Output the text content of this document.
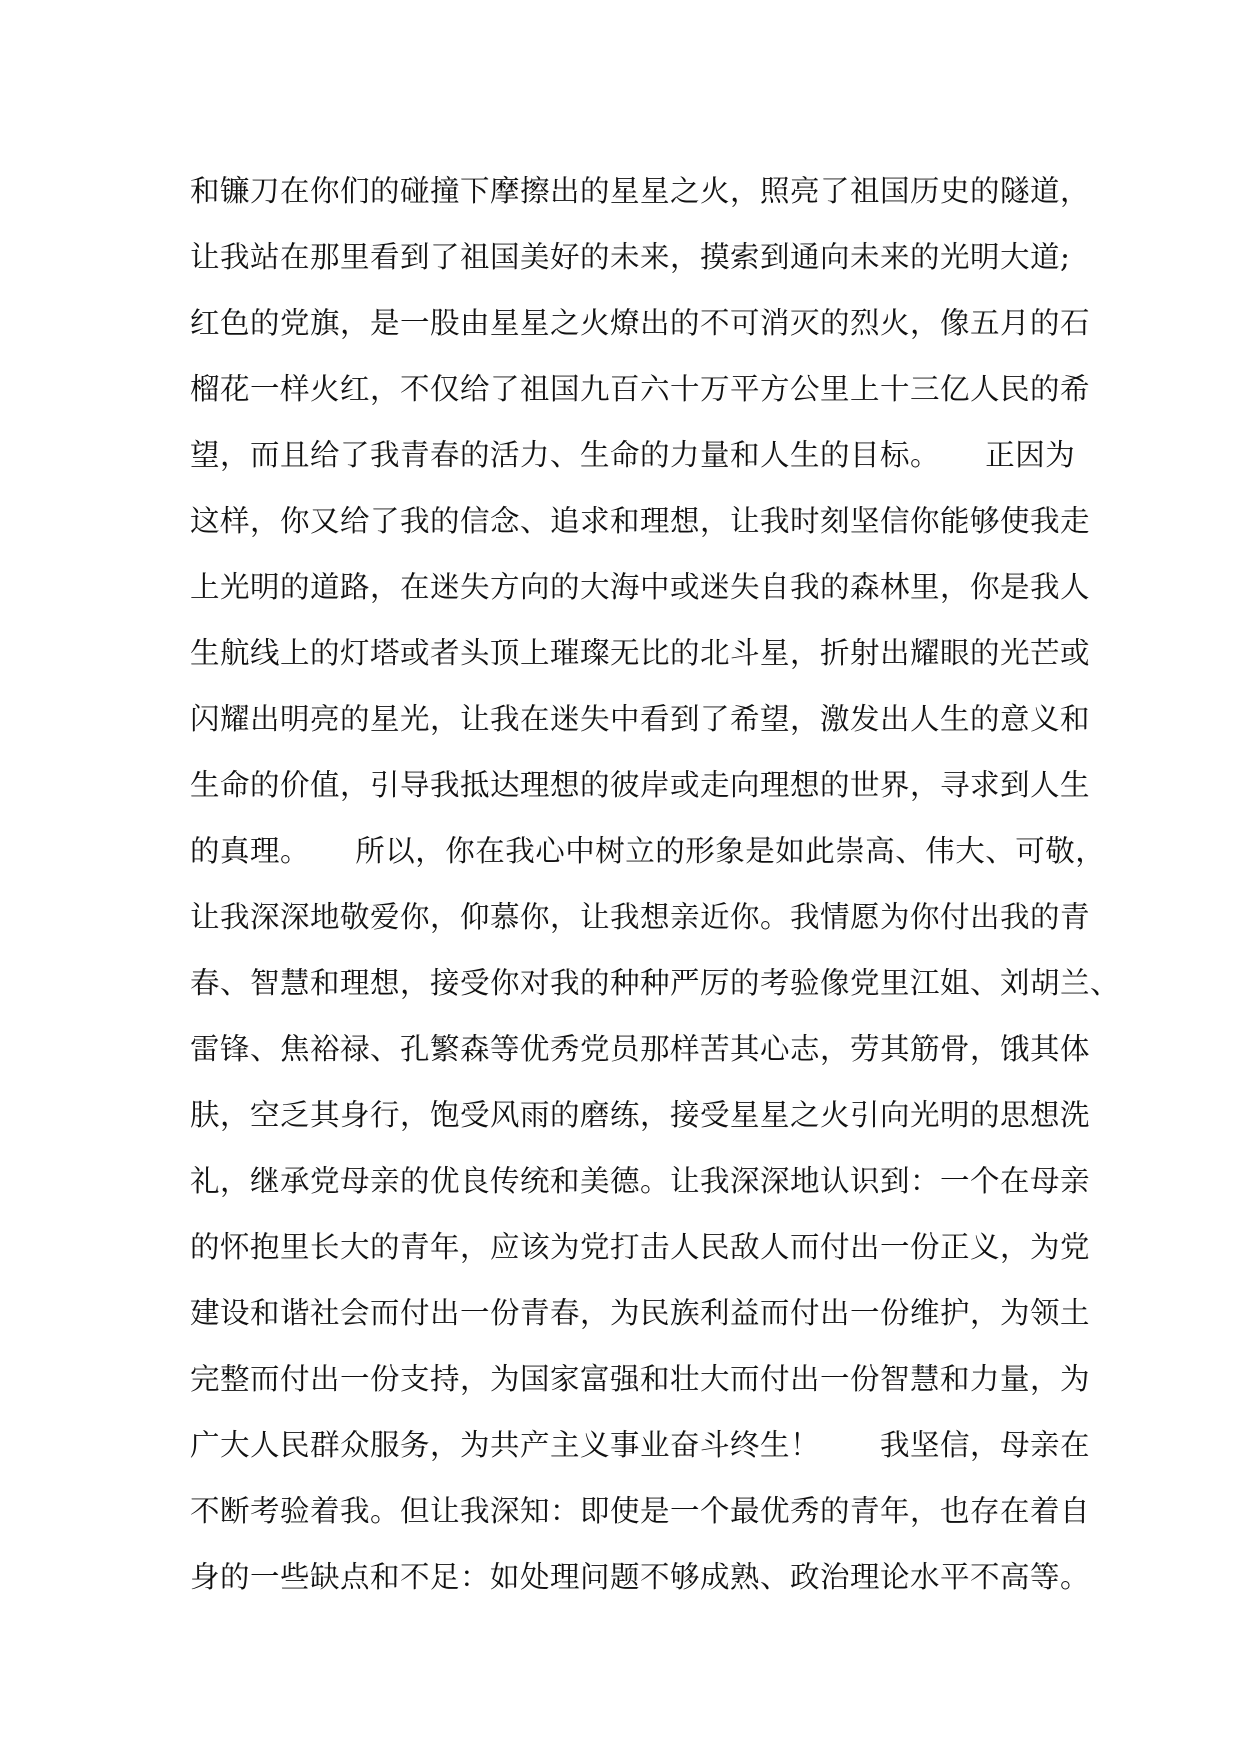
和镰刀在你们的碰撞下摩擦出的星星之火，照亮了祖国历史的隧道，
让我站在那里看到了祖国美好的未来，摸索到通向未来的光明大道;
红色的党旗，是一股由星星之火燎出的不可消灭的烈火，像五月的石
榴花一样火红，不仅给了祖国九百六十万平方公里上十三亿人民的希
望，而且给了我青春的活力、生命的力量和人生的目标。　　正因为
这样，你又给了我的信念、追求和理想，让我时刻坚信你能够使我走
上光明的道路，在迷失方向的大海中或迷失自我的森林里，你是我人
生航线上的灯塔或者头顶上璀璨无比的北斗星，折射出耀眼的光芒或
闪耀出明亮的星光，让我在迷失中看到了希望，激发出人生的意义和
生命的价值，引导我抵达理想的彼岸或走向理想的世界，寻求到人生
的真理。　　所以，你在我心中树立的形象是如此崇高、伟大、可敬，
让我深深地敬爱你，仰慕你，让我想亲近你。我情愿为你付出我的青
春、智慧和理想，接受你对我的种种严厉的考验像党里江姐、刘胡兰、
雷锋、焦裕禄、孔繁森等优秀党员那样苦其心志，劳其筋骨，饿其体
肤，空乏其身行，饱受风雨的磨练，接受星星之火引向光明的思想洗
礼，继承党母亲的优良传统和美德。让我深深地认识到：一个在母亲
的怀抱里长大的青年，应该为党打击人民敌人而付出一份正义，为党
建设和谐社会而付出一份青春，为民族利益而付出一份维护，为领土
完整而付出一份支持，为国家富强和壮大而付出一份智慧和力量，为
广大人民群众服务，为共产主义事业奋斗终生！　　我坚信，母亲在
不断考验着我。但让我深知：即使是一个最优秀的青年，也存在着自
身的一些缺点和不足：如处理问题不够成熟、政治理论水平不高等。
